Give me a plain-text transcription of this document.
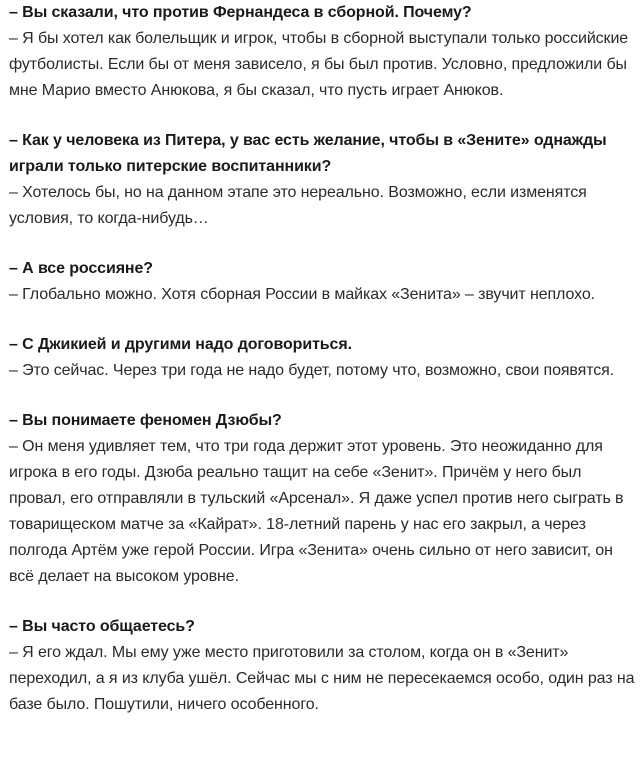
– Вы сказали, что против Фернандеса в сборной. Почему?

– Я бы хотел как болельщик и игрок, чтобы в сборной выступали только российские футболисты. Если бы от меня зависело, я бы был против. Условно, предложили бы мне Марио вместо Анюкова, я бы сказал, что пусть играет Анюков.

– Как у человека из Питера, у вас есть желание, чтобы в «Зените» однажды играли только питерские воспитанники?

– Хотелось бы, но на данном этапе это нереально. Возможно, если изменятся условия, то когда-нибудь…

– А все россияне?

– Глобально можно. Хотя сборная России в майках «Зенита» – звучит неплохо.

– С Джикией и другими надо договориться.

– Это сейчас. Через три года не надо будет, потому что, возможно, свои появятся.

– Вы понимаете феномен Дзюбы?

– Он меня удивляет тем, что три года держит этот уровень. Это неожиданно для игрока в его годы. Дзюба реально тащит на себе «Зенит». Причём у него был провал, его отправляли в тульский «Арсенал». Я даже успел против него сыграть в товарищеском матче за «Кайрат». 18-летний парень у нас его закрыл, а через полгода Артём уже герой России. Игра «Зенита» очень сильно от него зависит, он всё делает на высоком уровне.

– Вы часто общаетесь?

– Я его ждал. Мы ему уже место приготовили за столом, когда он в «Зенит» переходил, а я из клуба ушёл. Сейчас мы с ним не пересекаемся особо, один раз на базе было. Пошутили, ничего особенного.
